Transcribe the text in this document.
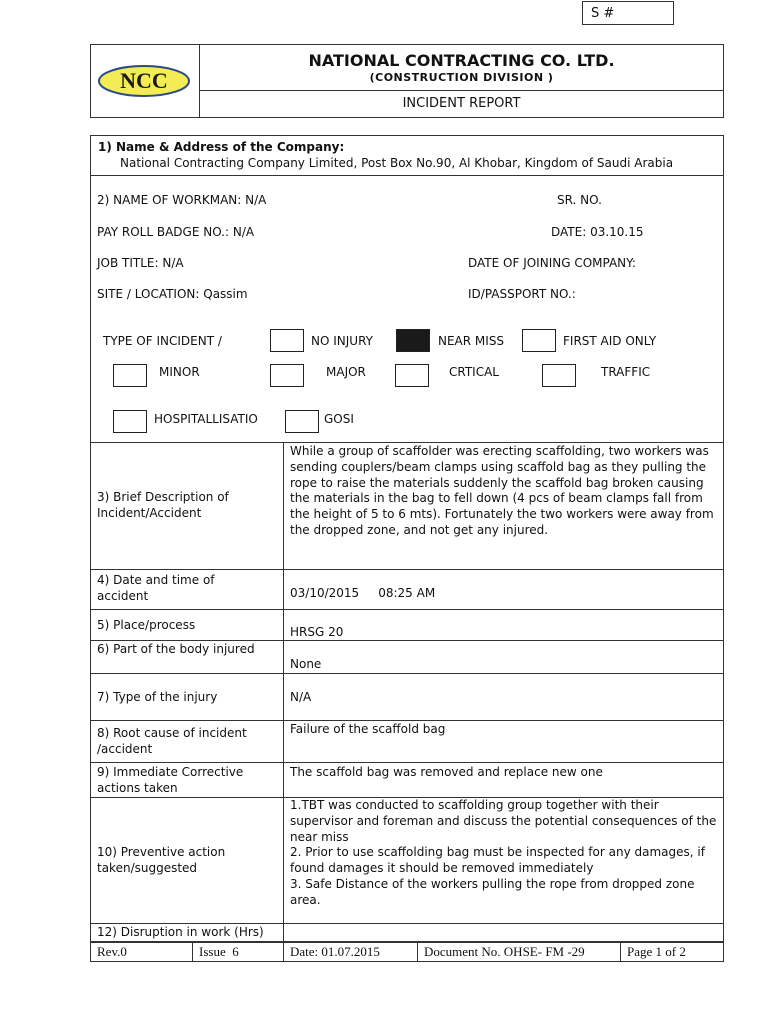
S #
NCC
NATIONAL CONTRACTING CO. LTD.
(CONSTRUCTION DIVISION )
INCIDENT REPORT
1) Name & Address of the Company:
National Contracting Company Limited, Post Box No.90, Al Khobar, Kingdom of Saudi Arabia
2) NAME OF WORKMAN: N/A	SR. NO.
PAY ROLL BADGE NO.: N/A	DATE: 03.10.15
JOB TITLE: N/A	DATE OF JOINING COMPANY:
SITE / LOCATION: Qassim	ID/PASSPORT NO.:
TYPE OF INCIDENT /	NO INJURY	NEAR MISS	FIRST AID ONLY
MINOR	MAJOR	CRTICAL	TRAFFIC
HOSPITALLISATIO	GOSI
3) Brief Description of Incident/Accident
While a group of scaffolder was erecting scaffolding, two workers was sending couplers/beam clamps using scaffold bag as they pulling the rope to raise the materials suddenly the scaffold bag broken causing the materials in the bag to fell down (4 pcs of beam clamps fall from the height of 5 to 6 mts). Fortunately the two workers were away from the dropped zone, and not get any injured.
4) Date and time of accident	03/10/2015     08:25 AM
5) Place/process	HRSG 20
6) Part of the body injured
None
7) Type of the injury	N/A
8) Root cause of incident /accident
Failure of the scaffold bag
9) Immediate Corrective actions taken
The scaffold bag was removed and replace new one
10) Preventive action taken/suggested
1.TBT was conducted to scaffolding group together with their supervisor and foreman and discuss the potential consequences of the near miss
2. Prior to use scaffolding bag must be inspected for any damages, if found damages it should be removed immediately
3. Safe Distance of the workers pulling the rope from dropped zone area.
12) Disruption in work (Hrs)
Rev.0	Issue  6	Date: 01.07.2015	Document No. OHSE- FM -29	Page 1 of 2
